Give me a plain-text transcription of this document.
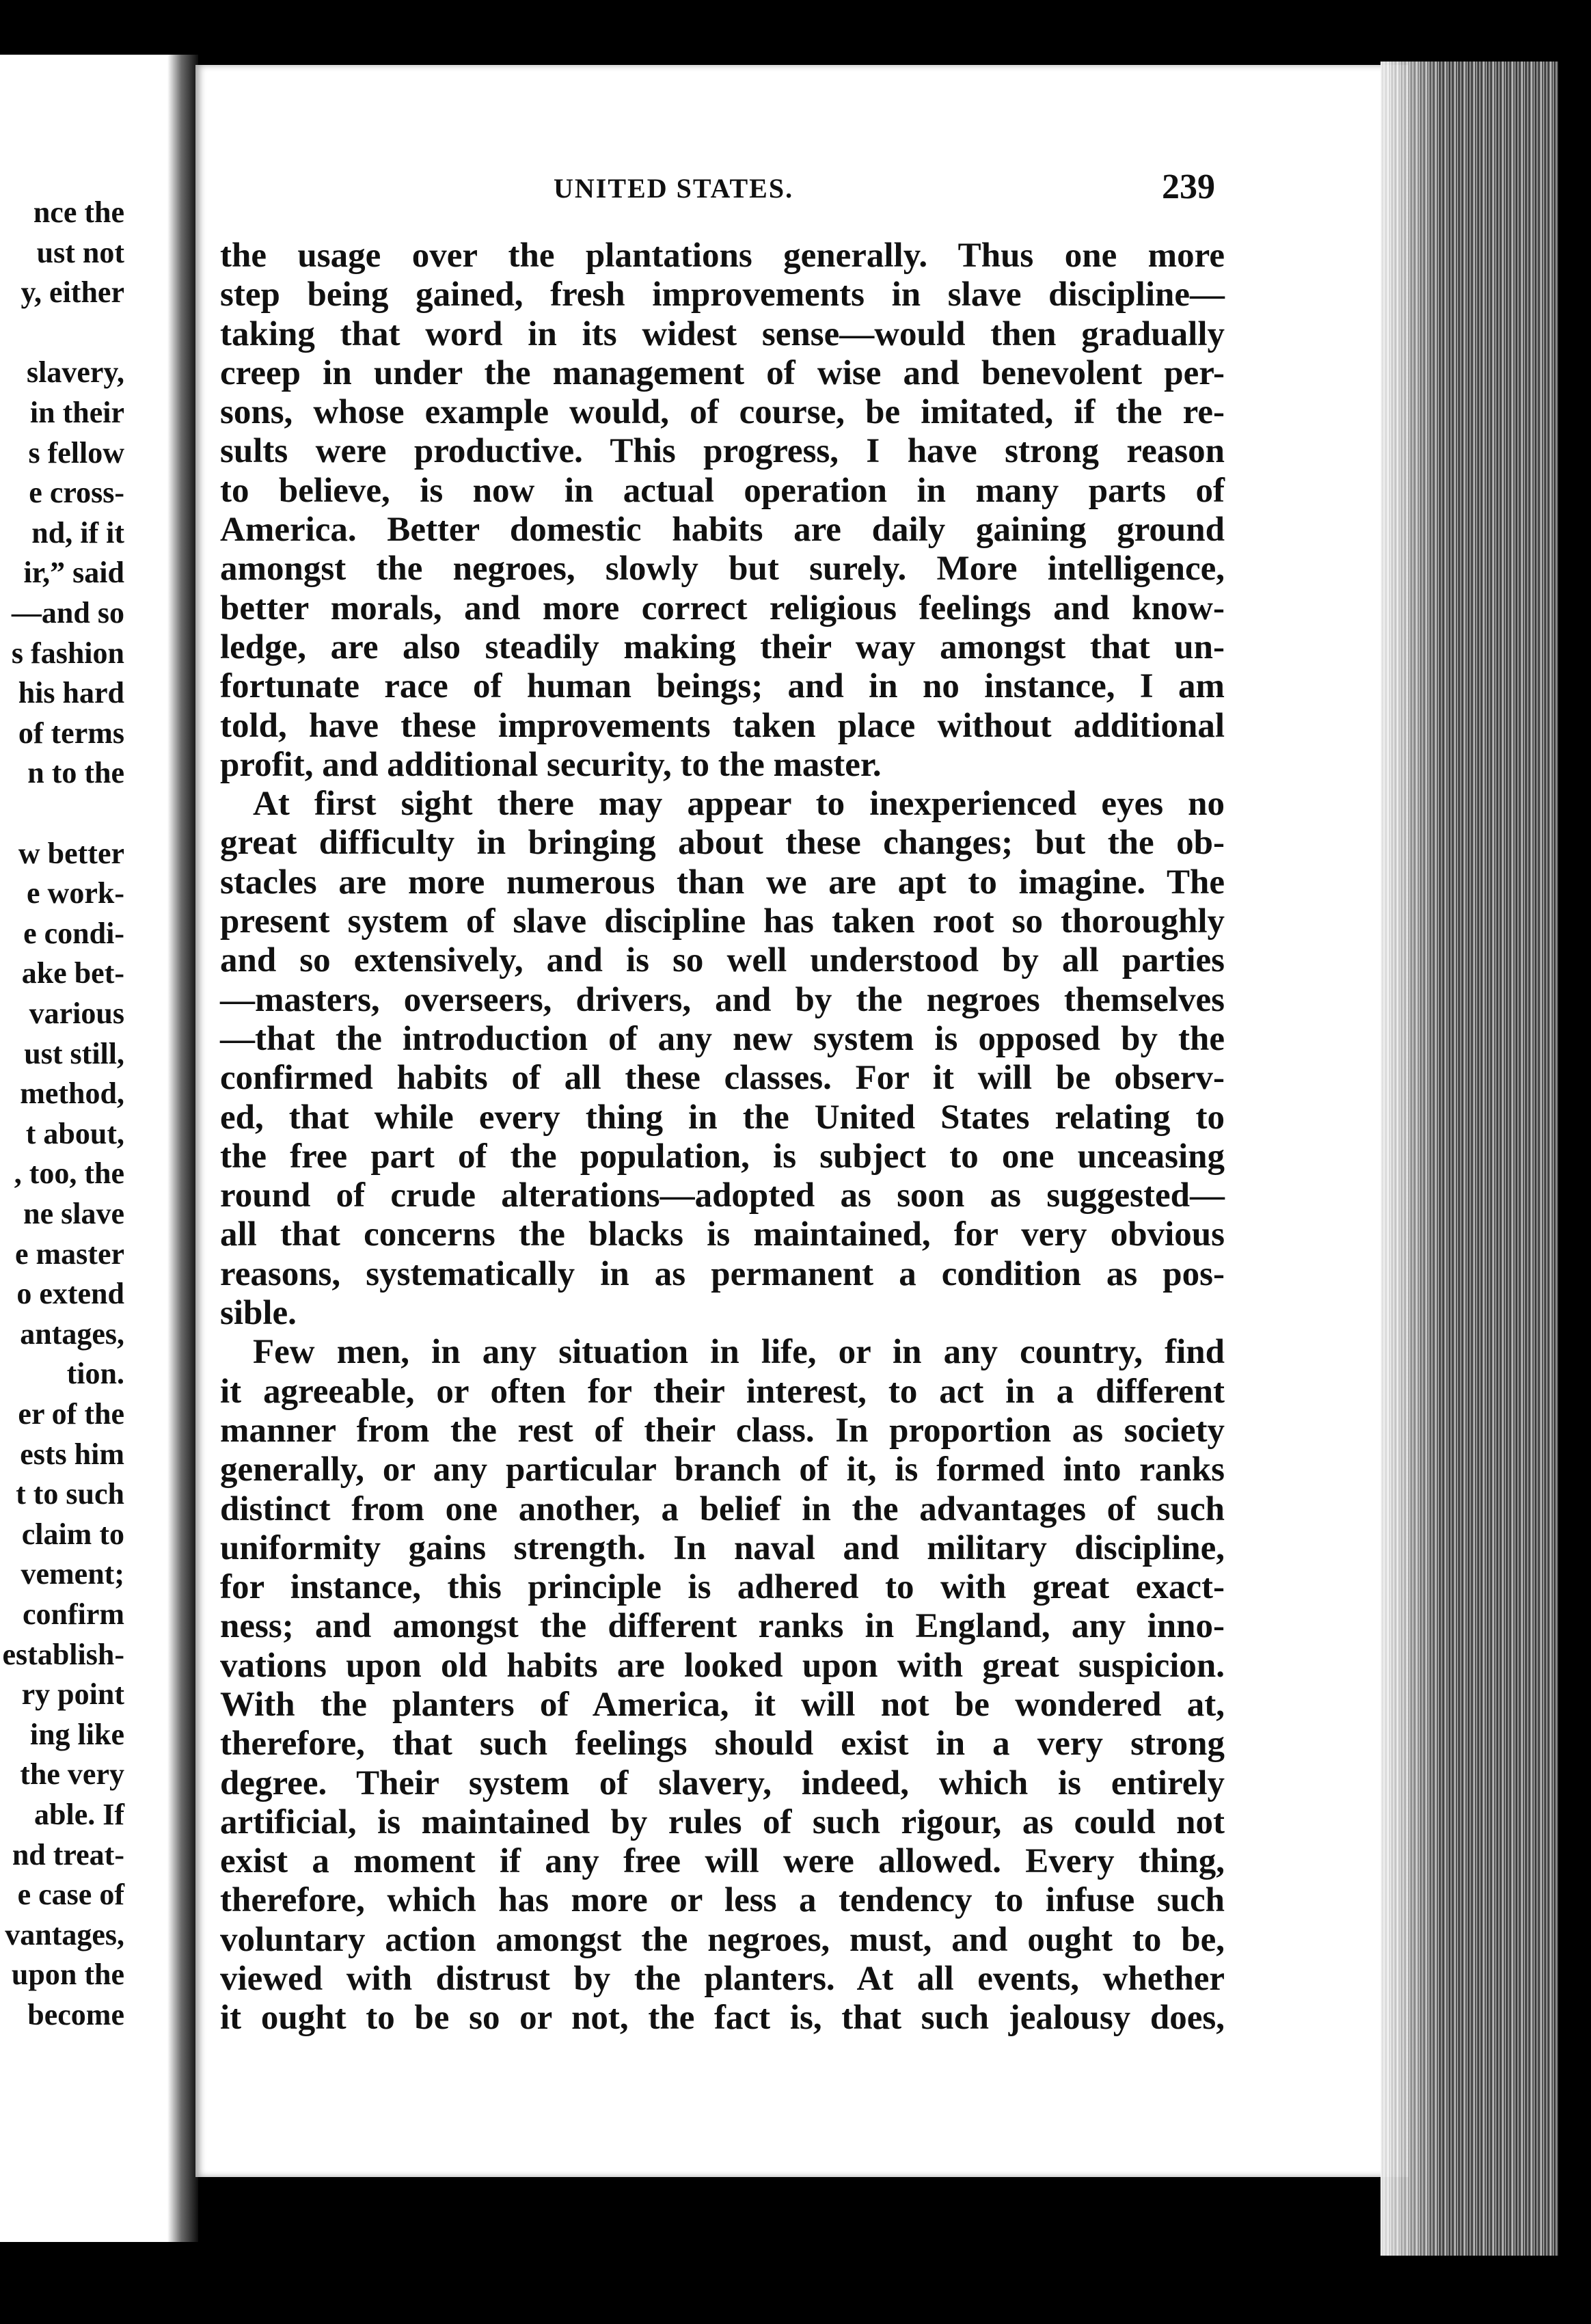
nce the
ust not
y, either
slavery,
in their
s fellow
e cross-
nd, if it
ir,” said
—and so
s fashion
his hard
of terms
n to the
w better
e work-
e condi-
ake bet-
various
ust still,
method,
t about,
, too, the
ne slave
e master
o extend
antages,
tion.
er of the
ests him
t to such
claim to
vement;
confirm
establish-
ry point
ing like
the very
able. If
nd treat-
e case of
vantages,
upon the
become
UNITED STATES.	239
the usage over the plantations generally. Thus one more
step being gained, fresh improvements in slave discipline—
taking that word in its widest sense—would then gradually
creep in under the management of wise and benevolent per-
sons, whose example would, of course, be imitated, if the re-
sults were productive. This progress, I have strong reason
to believe, is now in actual operation in many parts of
America. Better domestic habits are daily gaining ground
amongst the negroes, slowly but surely. More intelligence,
better morals, and more correct religious feelings and know-
ledge, are also steadily making their way amongst that un-
fortunate race of human beings; and in no instance, I am
told, have these improvements taken place without additional
profit, and additional security, to the master.
At first sight there may appear to inexperienced eyes no
great difficulty in bringing about these changes; but the ob-
stacles are more numerous than we are apt to imagine. The
present system of slave discipline has taken root so thoroughly
and so extensively, and is so well understood by all parties
—masters, overseers, drivers, and by the negroes themselves
—that the introduction of any new system is opposed by the
confirmed habits of all these classes. For it will be observ-
ed, that while every thing in the United States relating to
the free part of the population, is subject to one unceasing
round of crude alterations—adopted as soon as suggested—
all that concerns the blacks is maintained, for very obvious
reasons, systematically in as permanent a condition as pos-
sible.
Few men, in any situation in life, or in any country, find
it agreeable, or often for their interest, to act in a different
manner from the rest of their class. In proportion as society
generally, or any particular branch of it, is formed into ranks
distinct from one another, a belief in the advantages of such
uniformity gains strength. In naval and military discipline,
for instance, this principle is adhered to with great exact-
ness; and amongst the different ranks in England, any inno-
vations upon old habits are looked upon with great suspicion.
With the planters of America, it will not be wondered at,
therefore, that such feelings should exist in a very strong
degree. Their system of slavery, indeed, which is entirely
artificial, is maintained by rules of such rigour, as could not
exist a moment if any free will were allowed. Every thing,
therefore, which has more or less a tendency to infuse such
voluntary action amongst the negroes, must, and ought to be,
viewed with distrust by the planters. At all events, whether
it ought to be so or not, the fact is, that such jealousy does,
